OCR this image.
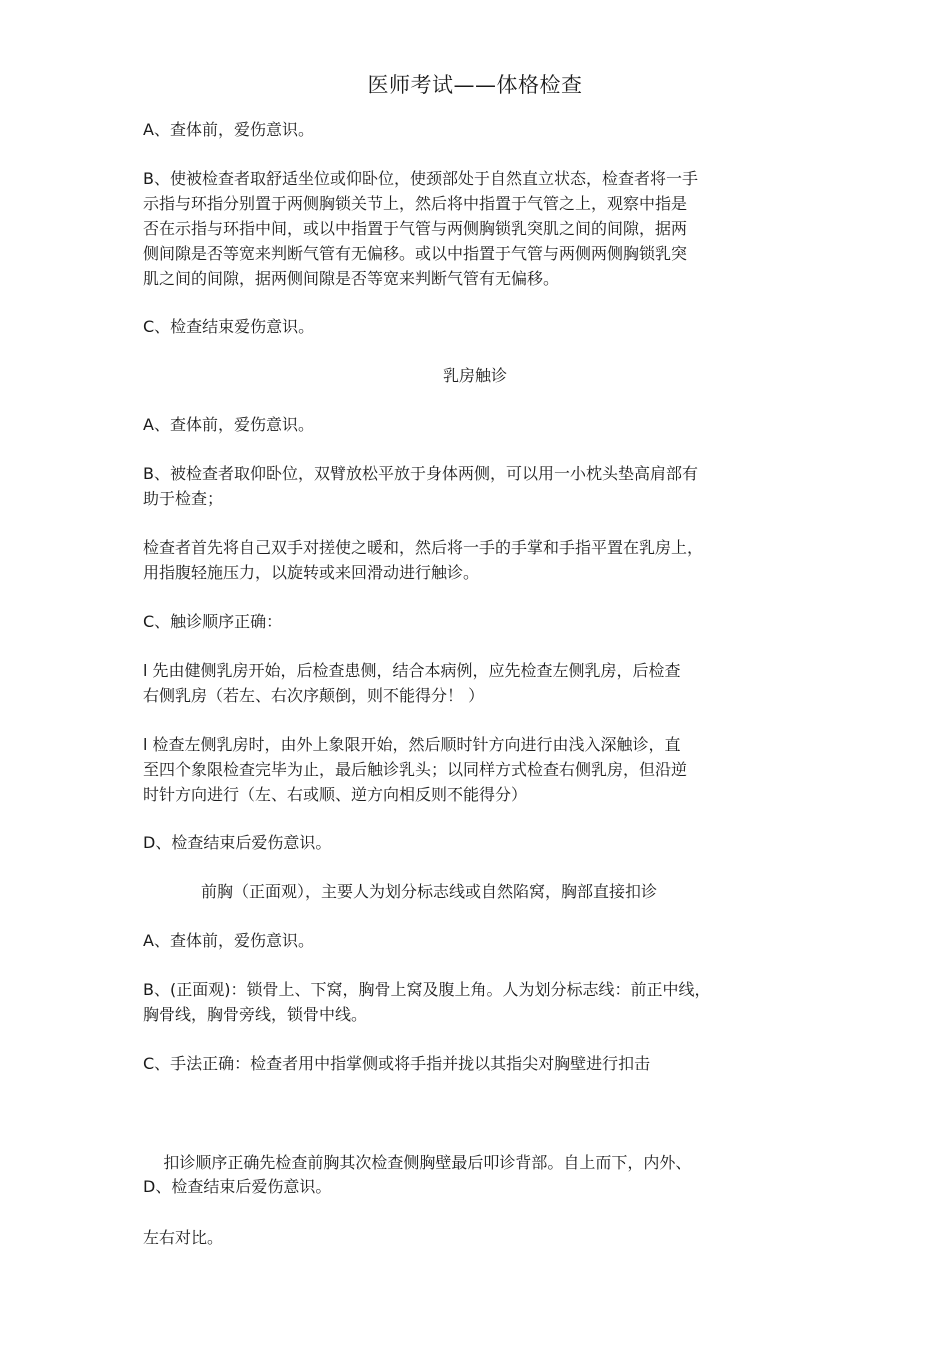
医师考试——体格检查

A、查体前，爱伤意识。

B、使被检查者取舒适坐位或仰卧位，使颈部处于自然直立状态，检查者将一手
示指与环指分别置于两侧胸锁关节上，然后将中指置于气管之上，观察中指是
否在示指与环指中间，或以中指置于气管与两侧胸锁乳突肌之间的间隙，据两
侧间隙是否等宽来判断气管有无偏移。或以中指置于气管与两侧两侧胸锁乳突
肌之间的间隙，据两侧间隙是否等宽来判断气管有无偏移。

C、检查结束爱伤意识。

乳房触诊

A、查体前，爱伤意识。

B、被检查者取仰卧位，双臂放松平放于身体两侧，可以用一小枕头垫高肩部有
助于检查；

检查者首先将自己双手对搓使之暖和，然后将一手的手掌和手指平置在乳房上，
用指腹轻施压力，以旋转或来回滑动进行触诊。

C、触诊顺序正确：

l 先由健侧乳房开始，后检查患侧，结合本病例，应先检查左侧乳房，后检查
右侧乳房（若左、右次序颠倒，则不能得分！ ）

l 检查左侧乳房时，由外上象限开始，然后顺时针方向进行由浅入深触诊，直
至四个象限检查完毕为止，最后触诊乳头；以同样方式检查右侧乳房，但沿逆
时针方向进行（左、右或顺、逆方向相反则不能得分）

D、检查结束后爱伤意识。

前胸（正面观），主要人为划分标志线或自然陷窝，胸部直接扣诊

A、查体前，爱伤意识。

B、(正面观)：锁骨上、下窝，胸骨上窝及腹上角。人为划分标志线：前正中线，
胸骨线，胸骨旁线，锁骨中线。

C、手法正确：检查者用中指掌侧或将手指并拢以其指尖对胸壁进行扣击

扣诊顺序正确先检查前胸其次检查侧胸壁最后叩诊背部。自上而下，内外、

左右对比。

D、检查结束后爱伤意识。
